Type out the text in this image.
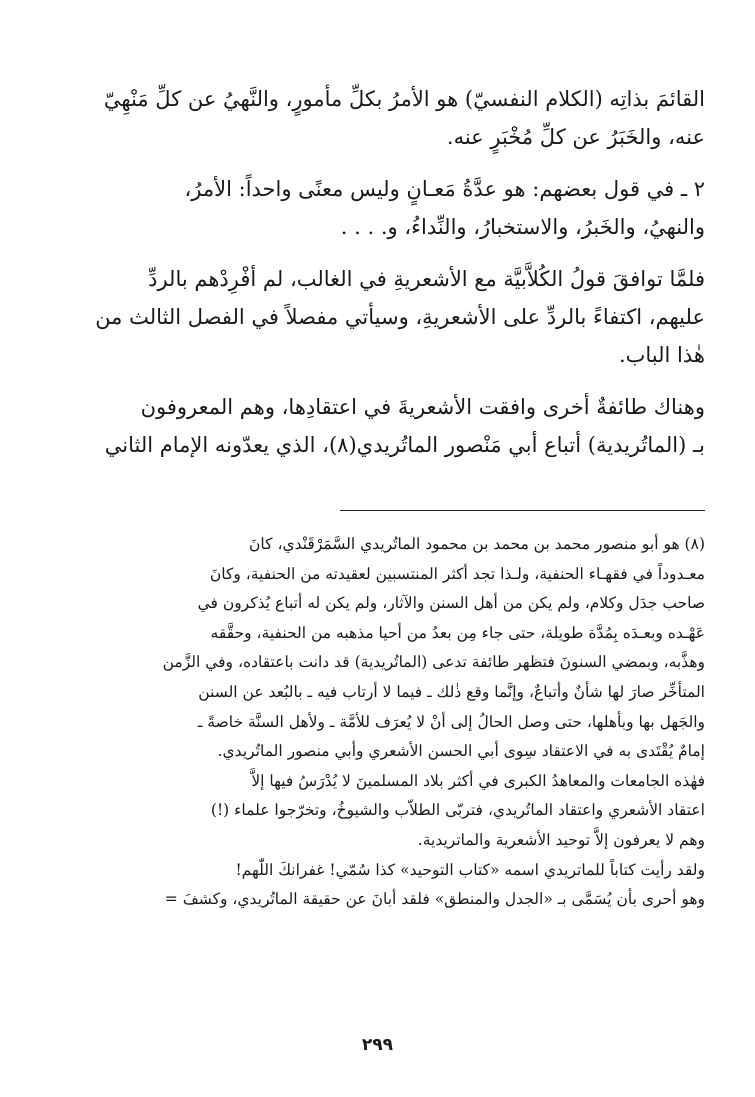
القائمَ بذاتِه (الكلام النفسيّ) هو الأمرُ بكلِّ مأمورٍ، والنَّهيُ عن كلِّ مَنْهِيّ
عنه، والخَبَرُ عن كلِّ مُخْبَرٍ عنه.
٢ ـ في قول بعضهم: هو عدَّةُ مَعـانٍ وليس معنًى واحداً: الأمرُ،
والنهيُ، والخَبرُ، والاستخبارُ، والنِّداءُ، و. . . .
فلمَّا توافقَ قولُ الكُلاَّبيَّة مع الأشعريةِ في الغالب، لم أفْرِدْهم بالردِّ
عليهم، اكتفاءً بالردِّ على الأشعريةِ، وسيأتي مفصلاً في الفصل الثالث من
هٰذا الباب.
وهناك طائفةٌ أخرى وافقت الأشعريةَ في اعتقادِها، وهم المعروفون
بـ (الماتُريدية) أتباع أبي مَنْصور الماتُريدي(٨)، الذي يعدّونه الإمام الثاني
(٨) هو أبو منصور محمد بن محمد بن محمود الماتُريدي السَّمَرْقَنْدي، كانَ
معـدوداً في فقهـاء الحنفية، ولـذا تجد أكثر المنتسبين لعقيدته من الحنفية، وكانَ
صاحب جدَل وكلام، ولم يكن من أهل السنن والآثار، ولم يكن له أتباع يُذكرون في
عَهْـده وبعـدَه بِمُدَّة طويلة، حتى جاء مِن بعدُ من أحيا مذهبه من الحنفية، وحقَّقه
وهذَّبه، وبمضي السنونَ فتظهر طائفة تدعى (الماتُريدية) قد دانت باعتقاده، وفي الزَّمن
المتأخِّر صارَ لها شأنٌ وأتباعٌ، وإنَّما وقع ذٰلك ـ فيما لا أرتاب فيه ـ بالبُعد عن السنن
والجَهل بها وبأهلها، حتى وصل الحالُ إلى أنْ لا يُعرَف للأمَّة ـ ولأهل السنَّة خاصةً ـ
إمامٌ يُقْتَدى به في الاعتقاد سِوى أبي الحسن الأشعري وأبي منصور الماتُريدي.
فهٰذه الجامعات والمعاهدُ الكبرى في أكثر بلاد المسلمينَ لا يُدْرَسُ فيها إلاَّ
اعتقاد الأشعري واعتقاد الماتُريدي، فتربّى الطلاّب والشيوخُ، وتخرّجوا علماء (!)
وهم لا يعرفون إلاَّ توحيد الأشعرية والماتريدية.
ولقد رأيت كتاباً للماتريدي اسمه «كتاب التوحيد» كذا سُمّي! غفرانكَ اللّٰهم!
وهو أحرى بأن يُسَمَّى بـ «الجدل والمنطق» فلقد أبانَ عن حقيقة الماتُريدي، وكشفَ =
٢٩٩
